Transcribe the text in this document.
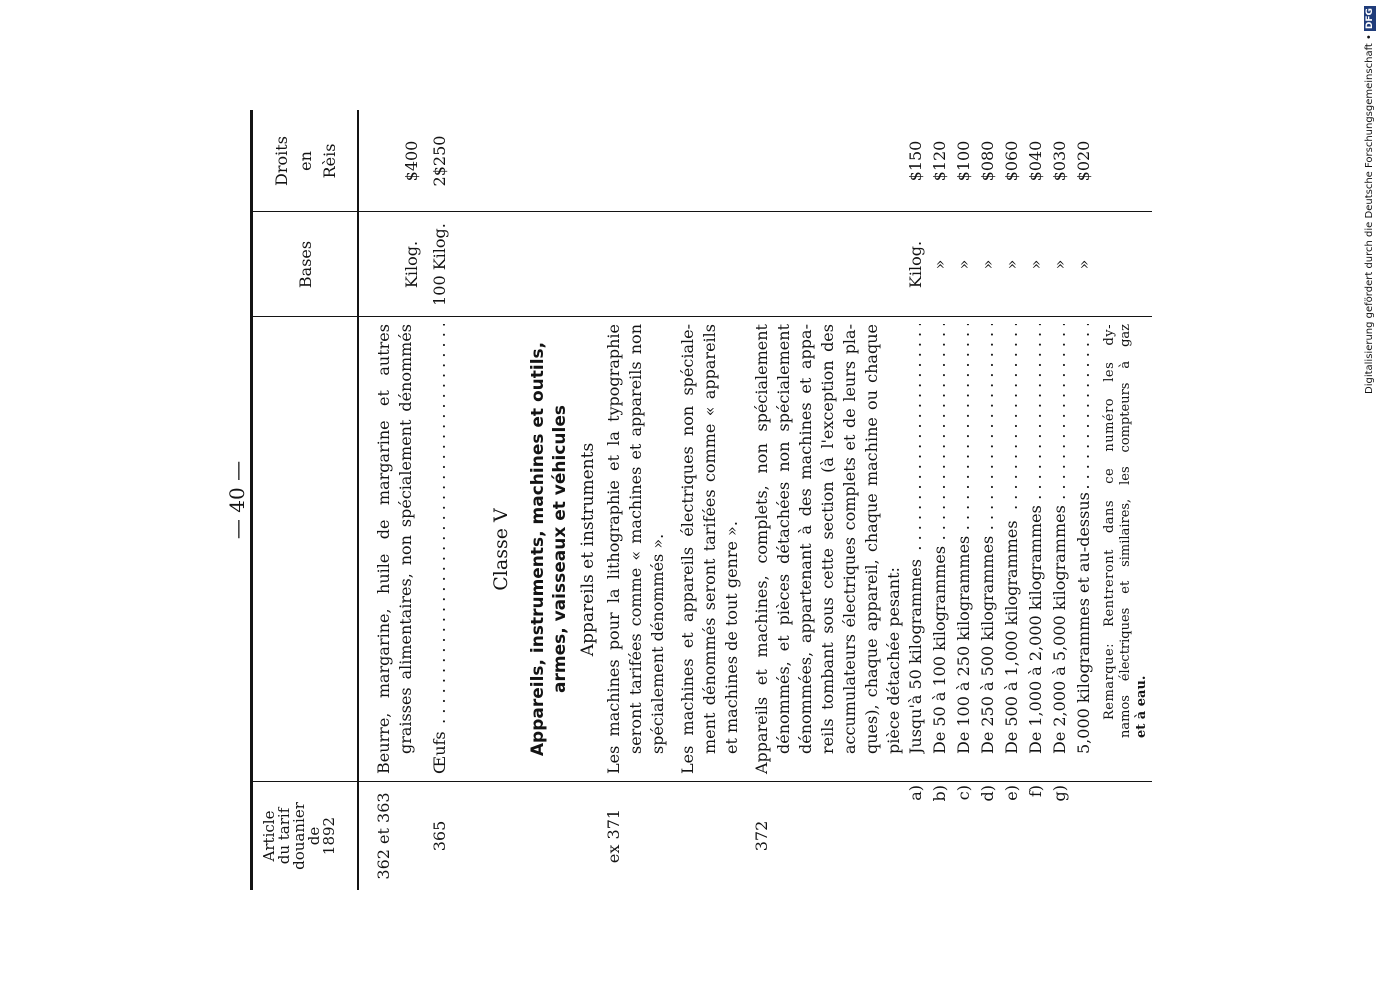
— 40 —
Article
du tarif
douanier
de
1892
Bases
Droits en Rèis
362 et 363
Beurre, margarine, huile de margarine et autres graisses alimentaires, non spécialement dénommés
Kilog.
$400
365
Œufs
. . .
100 Kilog.
2$250
Classe V Appareils, instruments, machines et outils, armes, vaisseaux et véhicules Appareils et instruments
ex 371
Les machines pour la lithographie et la typographie seront tarifées comme « machines et appareils non spécialement dénommés ». Les machines et appareils électriques non spéciale- ment dénommés seront tarifées comme « appareils et machines de tout genre ».
372
Appareils et machines, complets, non spécialement dénommés, et pièces détachées non spécialement dénommées, appartenant à des machines et appa- reils tombant sous cette section (à l'exception des accumulateurs électriques complets et de leurs pla- ques), chaque appareil, chaque machine ou chaque pièce détachée pesant:
a)
Jusqu'à 50 kilogrammes
. . .
Kilog.
$150
b)
De 50 à 100 kilogrammes
. . .
»
$120
c)
De 100 à 250 kilogrammes
. . .
»
$100
d)
De 250 à 500 kilogrammes
. . .
»
$080
e)
De 500 à 1,000 kilogrammes
. . .
»
$060
f)
De 1,000 à 2,000 kilogrammes
. . .
»
$040
g)
De 2,000 à 5,000 kilogrammes
. . .
»
$030
5,000 kilogrammes et au-dessus
. . .
»
$020
Remarque: Rentreront dans ce numéro les dy- namos électriques et similaires, les compteurs à gaz et à eau.
Digitalisierung gefördert durch die Deutsche Forschungsgemeinschaft •DFG
